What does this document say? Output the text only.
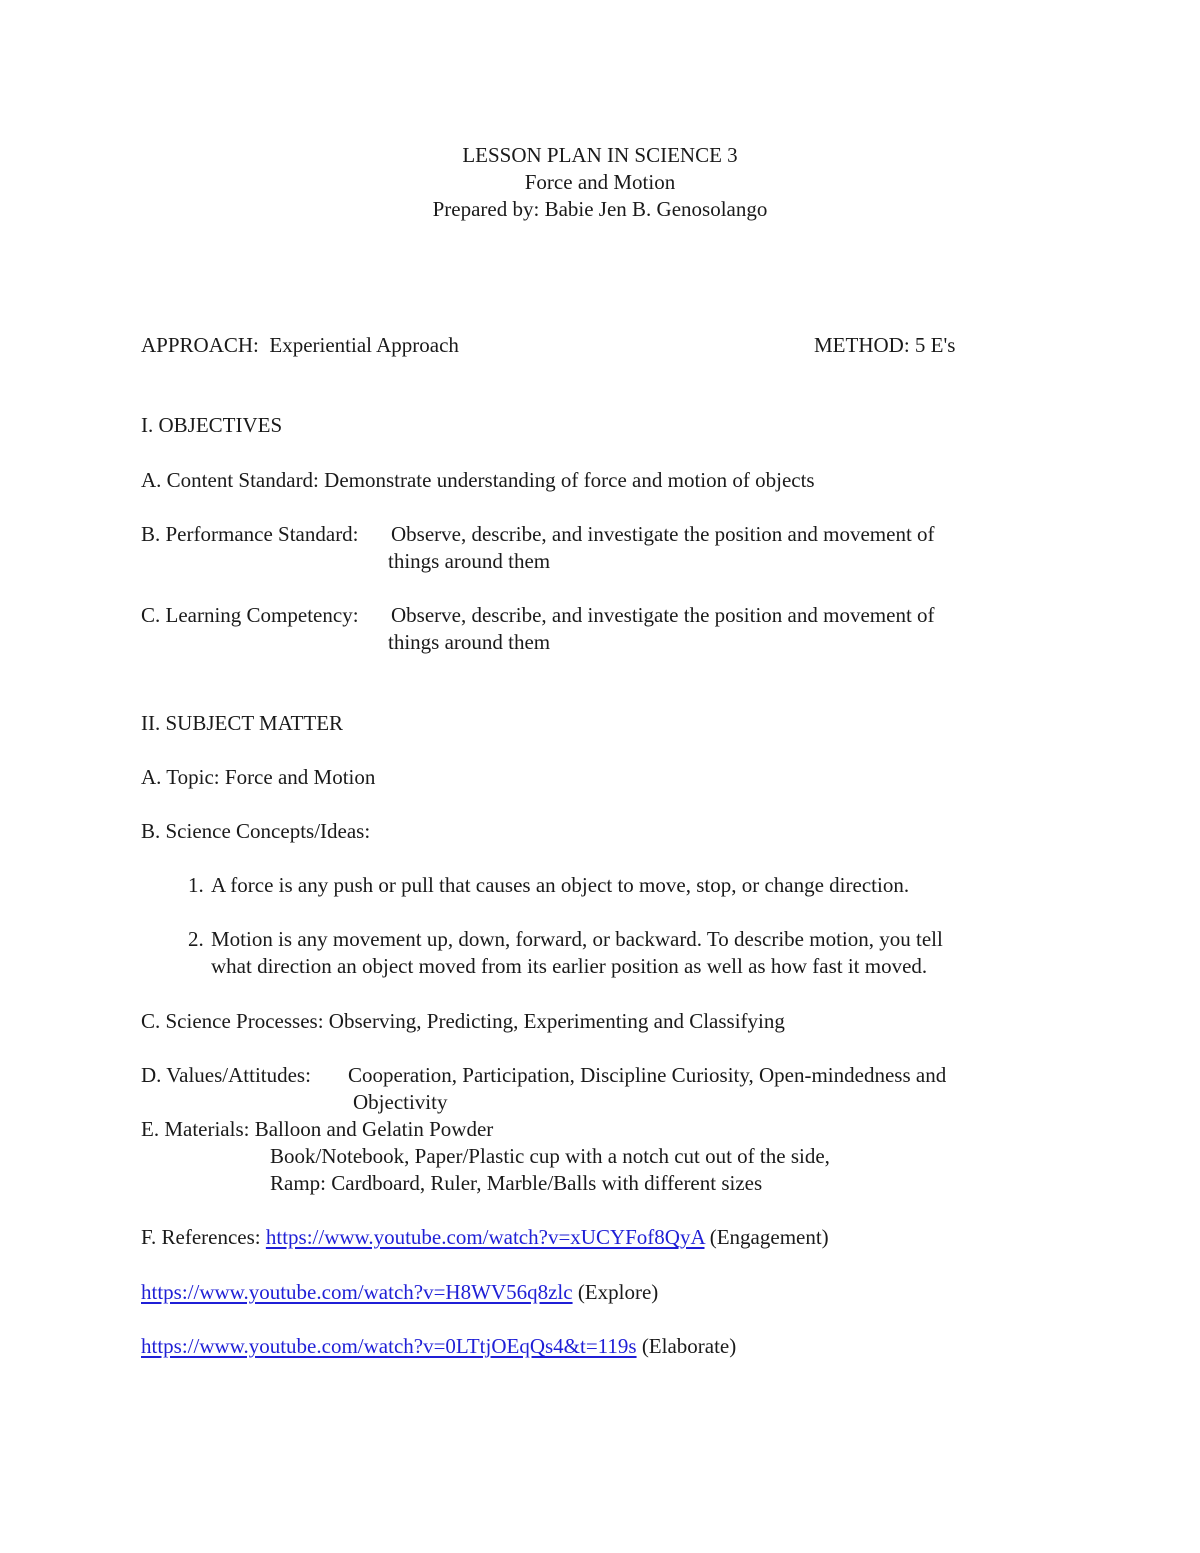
LESSON PLAN IN SCIENCE 3
Force and Motion
Prepared by: Babie Jen B. Genosolango
APPROACH: Experiential Approach	METHOD: 5 E's
I. OBJECTIVES
A. Content Standard: Demonstrate understanding of force and motion of objects
B. Performance Standard: Observe, describe, and investigate the position and movement of
things around them
C. Learning Competency: Observe, describe, and investigate the position and movement of
things around them
II. SUBJECT MATTER
A. Topic: Force and Motion
B. Science Concepts/Ideas:
1. A force is any push or pull that causes an object to move, stop, or change direction.
2. Motion is any movement up, down, forward, or backward. To describe motion, you tell
what direction an object moved from its earlier position as well as how fast it moved.
C. Science Processes: Observing, Predicting, Experimenting and Classifying
D. Values/Attitudes: Cooperation, Participation, Discipline Curiosity, Open-mindedness and
Objectivity
E. Materials: Balloon and Gelatin Powder
Book/Notebook, Paper/Plastic cup with a notch cut out of the side,
Ramp: Cardboard, Ruler, Marble/Balls with different sizes
F. References: https://www.youtube.com/watch?v=xUCYFof8QyA (Engagement)
https://www.youtube.com/watch?v=H8WV56q8zlc (Explore)
https://www.youtube.com/watch?v=0LTtjOEqQs4&t=119s (Elaborate)
